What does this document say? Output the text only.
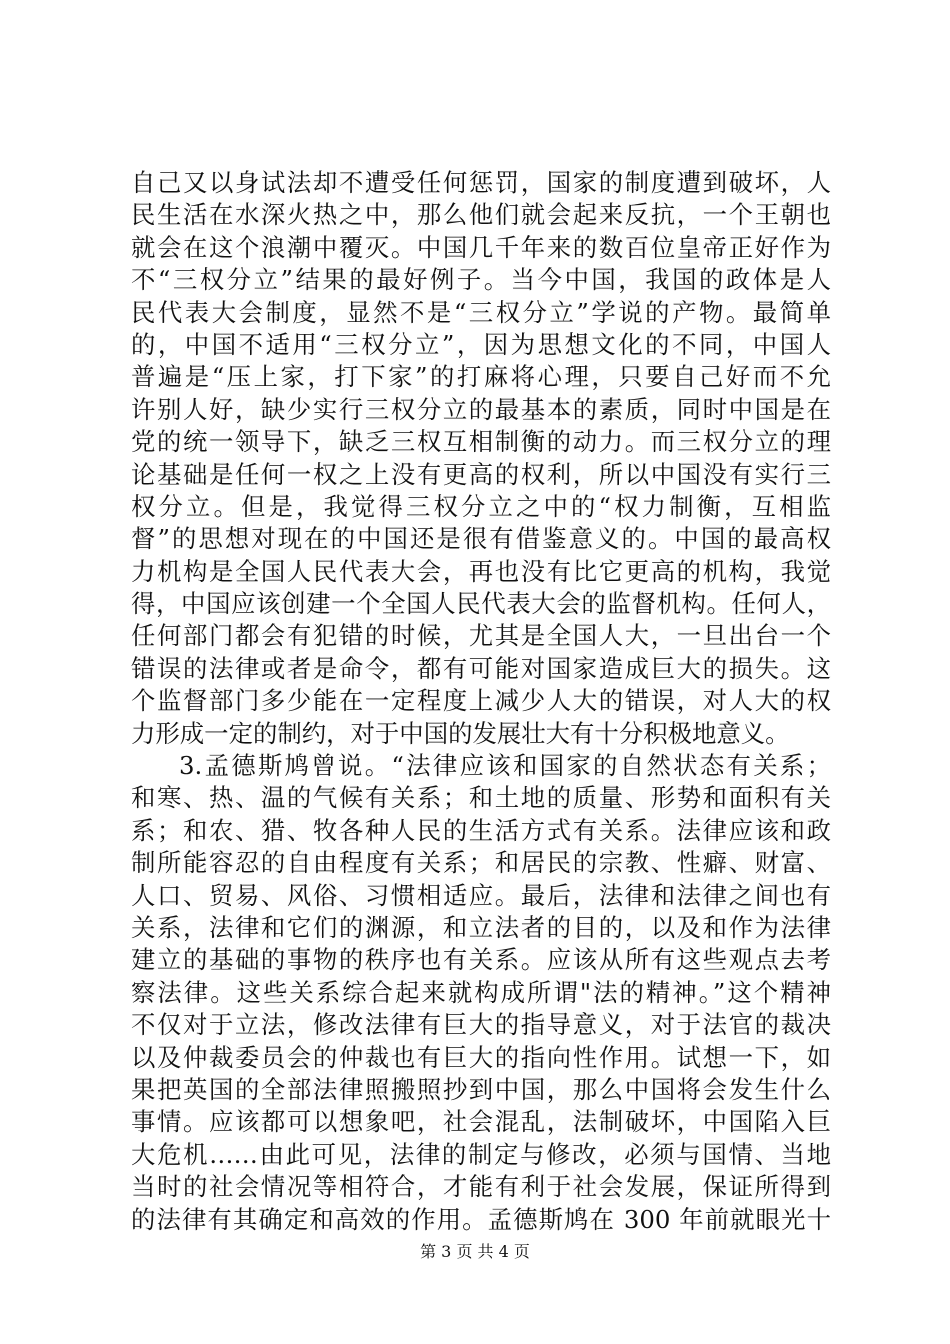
自己又以身试法却不遭受任何惩罚，国家的制度遭到破坏，人
民生活在水深火热之中，那么他们就会起来反抗，一个王朝也
就会在这个浪潮中覆灭。中国几千年来的数百位皇帝正好作为
不“三权分立”结果的最好例子。当今中国，我国的政体是人
民代表大会制度，显然不是“三权分立”学说的产物。最简单
的，中国不适用“三权分立”，因为思想文化的不同，中国人
普遍是“压上家，打下家”的打麻将心理，只要自己好而不允
许别人好，缺少实行三权分立的最基本的素质，同时中国是在
党的统一领导下，缺乏三权互相制衡的动力。而三权分立的理
论基础是任何一权之上没有更高的权利，所以中国没有实行三
权分立。但是，我觉得三权分立之中的“权力制衡，互相监
督”的思想对现在的中国还是很有借鉴意义的。中国的最高权
力机构是全国人民代表大会，再也没有比它更高的机构，我觉
得，中国应该创建一个全国人民代表大会的监督机构。任何人，
任何部门都会有犯错的时候，尤其是全国人大，一旦出台一个
错误的法律或者是命令，都有可能对国家造成巨大的损失。这
个监督部门多少能在一定程度上减少人大的错误，对人大的权
力形成一定的制约，对于中国的发展壮大有十分积极地意义。
3.孟德斯鸠曾说。“法律应该和国家的自然状态有关系；
和寒、热、温的气候有关系；和土地的质量、形势和面积有关
系；和农、猎、牧各种人民的生活方式有关系。法律应该和政
制所能容忍的自由程度有关系；和居民的宗教、性癖、财富、
人口、贸易、风俗、习惯相适应。最后，法律和法律之间也有
关系，法律和它们的渊源，和立法者的目的，以及和作为法律
建立的基础的事物的秩序也有关系。应该从所有这些观点去考
察法律。这些关系综合起来就构成所谓"法的精神。”这个精神
不仅对于立法，修改法律有巨大的指导意义，对于法官的裁决
以及仲裁委员会的仲裁也有巨大的指向性作用。试想一下，如
果把英国的全部法律照搬照抄到中国，那么中国将会发生什么
事情。应该都可以想象吧，社会混乱，法制破坏，中国陷入巨
大危机……由此可见，法律的制定与修改，必须与国情、当地
当时的社会情况等相符合，才能有利于社会发展，保证所得到
的法律有其确定和高效的作用。孟德斯鸠在 300 年前就眼光十
第 3 页 共 4 页
